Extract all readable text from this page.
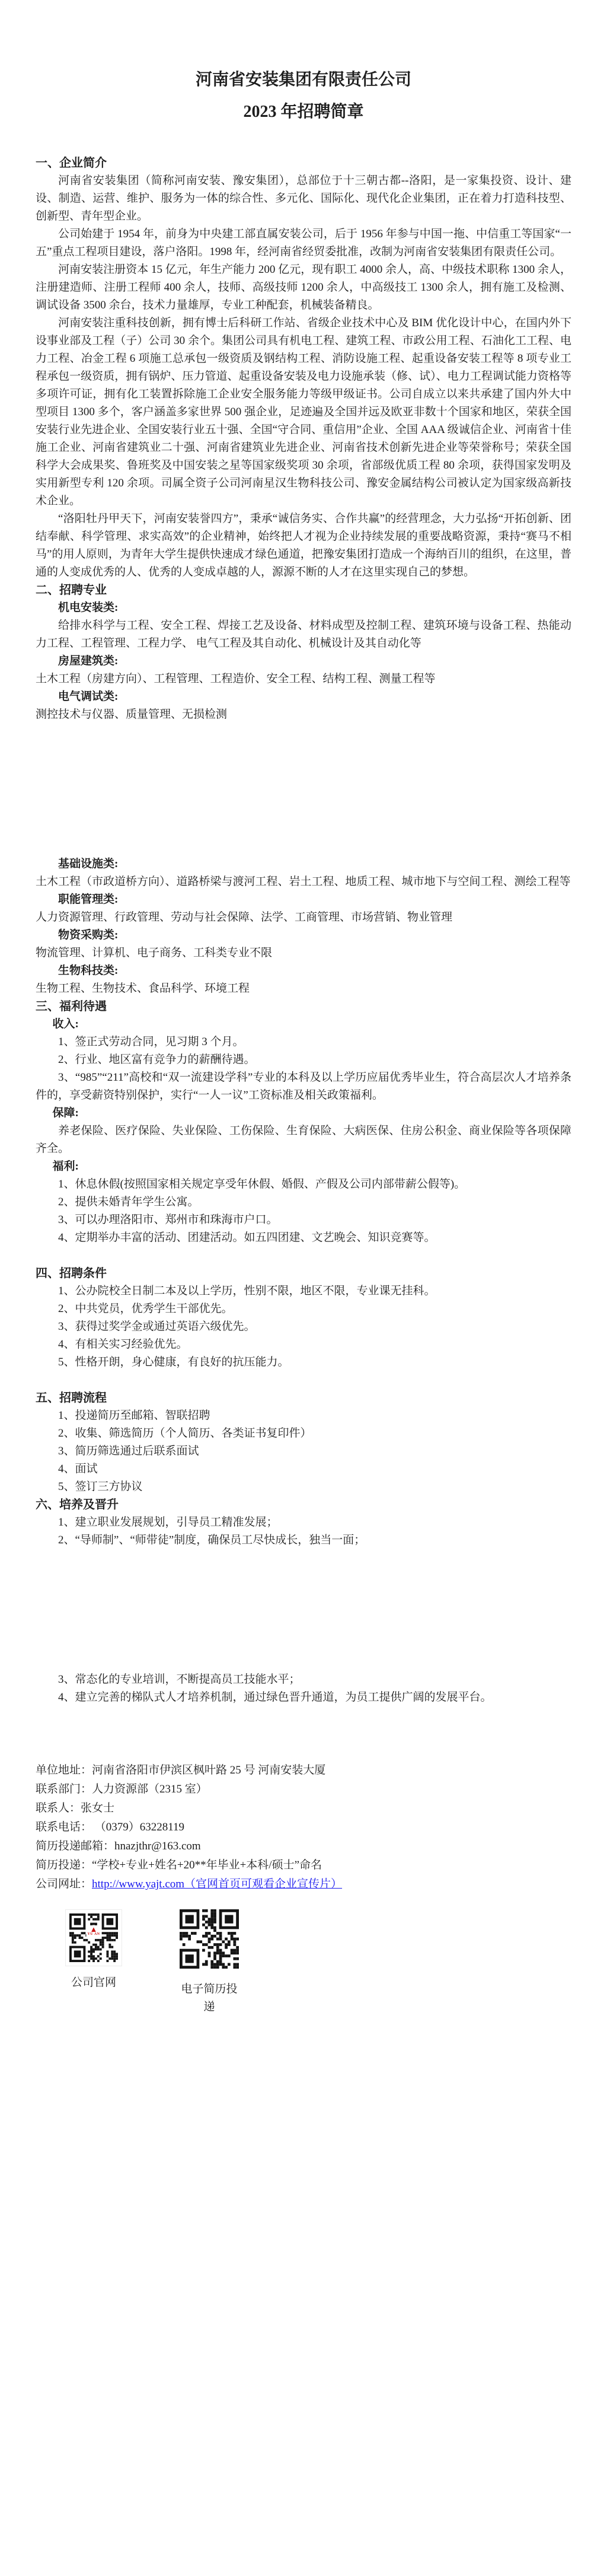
河南省安装集团有限责任公司
2023 年招聘简章
一、企业简介
河南省安装集团（简称河南安装、豫安集团），总部位于十三朝古都--洛阳，是一家集投资、设计、建设、制造、运营、维护、服务为一体的综合性、多元化、国际化、现代化企业集团，正在着力打造科技型、创新型、青年型企业。
公司始建于 1954 年，前身为中央建工部直属安装公司，后于 1956 年参与中国一拖、中信重工等国家“一五”重点工程项目建设，落户洛阳。1998 年，经河南省经贸委批准，改制为河南省安装集团有限责任公司。
河南安装注册资本 15 亿元，年生产能力 200 亿元，现有职工 4000 余人，高、中级技术职称 1300 余人，注册建造师、注册工程师 400 余人，技师、高级技师 1200 余人，中高级技工 1300 余人，拥有施工及检测、调试设备 3500 余台，技术力量雄厚，专业工种配套，机械装备精良。
河南安装注重科技创新，拥有博士后科研工作站、省级企业技术中心及 BIM 优化设计中心，在国内外下设事业部及工程（子）公司 30 余个。集团公司具有机电工程、建筑工程、市政公用工程、石油化工工程、电力工程、冶金工程 6 项施工总承包一级资质及钢结构工程、消防设施工程、起重设备安装工程等 8 项专业工程承包一级资质，拥有锅炉、压力管道、起重设备安装及电力设施承装（修、试）、电力工程调试能力资格等多项许可证，拥有化工装置拆除施工企业安全服务能力等级甲级证书。公司自成立以来共承建了国内外大中型项目 1300 多个，客户涵盖多家世界 500 强企业，足迹遍及全国并远及欧亚非数十个国家和地区，荣获全国安装行业先进企业、全国安装行业五十强、全国“守合同、重信用”企业、全国 AAA 级诚信企业、河南省十佳施工企业、河南省建筑业二十强、河南省建筑业先进企业、河南省技术创新先进企业等荣誉称号；荣获全国科学大会成果奖、鲁班奖及中国安装之星等国家级奖项 30 余项，省部级优质工程 80 余项，获得国家发明及实用新型专利 120 余项。司属全资子公司河南星汉生物科技公司、豫安金属结构公司被认定为国家级高新技术企业。
“洛阳牡丹甲天下，河南安装誉四方”，秉承“诚信务实、合作共赢”的经营理念，大力弘扬“开拓创新、团结奉献、科学管理、求实高效”的企业精神，始终把人才视为企业持续发展的重要战略资源，秉持“赛马不相马”的用人原则，为青年大学生提供快速成才绿色通道，把豫安集团打造成一个海纳百川的组织，在这里，普通的人变成优秀的人、优秀的人变成卓越的人，源源不断的人才在这里实现自己的梦想。
二、招聘专业
机电安装类:
给排水科学与工程、安全工程、焊接工艺及设备、材料成型及控制工程、建筑环境与设备工程、热能动力工程、工程管理、工程力学、 电气工程及其自动化、机械设计及其自动化等
房屋建筑类:
土木工程（房建方向）、工程管理、工程造价、安全工程、结构工程、测量工程等
电气调试类:
测控技术与仪器、质量管理、无损检测
基础设施类:
土木工程（市政道桥方向）、道路桥梁与渡河工程、岩土工程、地质工程、城市地下与空间工程、测绘工程等
职能管理类:
人力资源管理、行政管理、劳动与社会保障、法学、工商管理、市场营销、物业管理
物资采购类:
物流管理、计算机、电子商务、工科类专业不限
生物科技类:
生物工程、生物技术、食品科学、环境工程
三、福利待遇
收入:
1、签正式劳动合同，见习期 3 个月。
2、行业、地区富有竞争力的薪酬待遇。
3、“985”“211”高校和“双一流建设学科”专业的本科及以上学历应届优秀毕业生，符合高层次人才培养条件的，享受薪资特别保护，实行“一人一议”工资标准及相关政策福利。
保障:
养老保险、医疗保险、失业保险、工伤保险、生育保险、大病医保、住房公积金、商业保险等各项保障齐全。
福利:
1、休息休假(按照国家相关规定享受年休假、婚假、产假及公司内部带薪公假等)。
2、提供未婚青年学生公寓。
3、可以办理洛阳市、郑州市和珠海市户口。
4、定期举办丰富的活动、团建活动。如五四团建、文艺晚会、知识竞赛等。
四、招聘条件
1、公办院校全日制二本及以上学历，性别不限，地区不限，专业课无挂科。
2、中共党员，优秀学生干部优先。
3、获得过奖学金或通过英语六级优先。
4、有相关实习经验优先。
5、性格开朗，身心健康，有良好的抗压能力。
五、招聘流程
1、投递简历至邮箱、智联招聘
2、收集、筛选简历（个人简历、各类证书复印件）
3、简历筛选通过后联系面试
4、面试
5、签订三方协议
六、培养及晋升
1、建立职业发展规划，引导员工精准发展；
2、“导师制”、“师带徒”制度，确保员工尽快成长，独当一面；
3、常态化的专业培训，不断提高员工技能水平；
4、建立完善的梯队式人才培养机制，通过绿色晋升通道，为员工提供广阔的发展平台。
单位地址：河南省洛阳市伊滨区枫叶路 25 号 河南安装大厦
联系部门：人力资源部（2315 室）
联系人：张女士
联系电话： （0379）63228119
简历投递邮箱：hnazjthr@163.com
简历投递：“学校+专业+姓名+20**年毕业+本科/硕士”命名
公司网址：http://www.yajt.com（官网首页可观看企业宣传片）
▲
YU AN
公司官网
电子简历投递
